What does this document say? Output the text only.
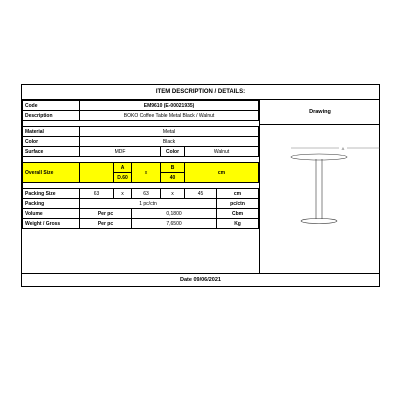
ITEM DESCRIPTION / DETAILS:
Code	EM9610 (E-00021935)					
Description	BOKO Coffee Table Metal Black / Walnut					

Material	Metal					
Color	Black					
Surface	MDF			Color	Walnut	

Overall Size		A	x	B	cm	
		D.60		40		

Packing Size	63	x	63	x	45	cm
Packing	1 pc/ctn					pc/ctn
Volume	Per pc		0,1800			Cbm
Weight / Gross	Per pc		7,6500			Kg
Drawing
A
Date 09/06/2021
